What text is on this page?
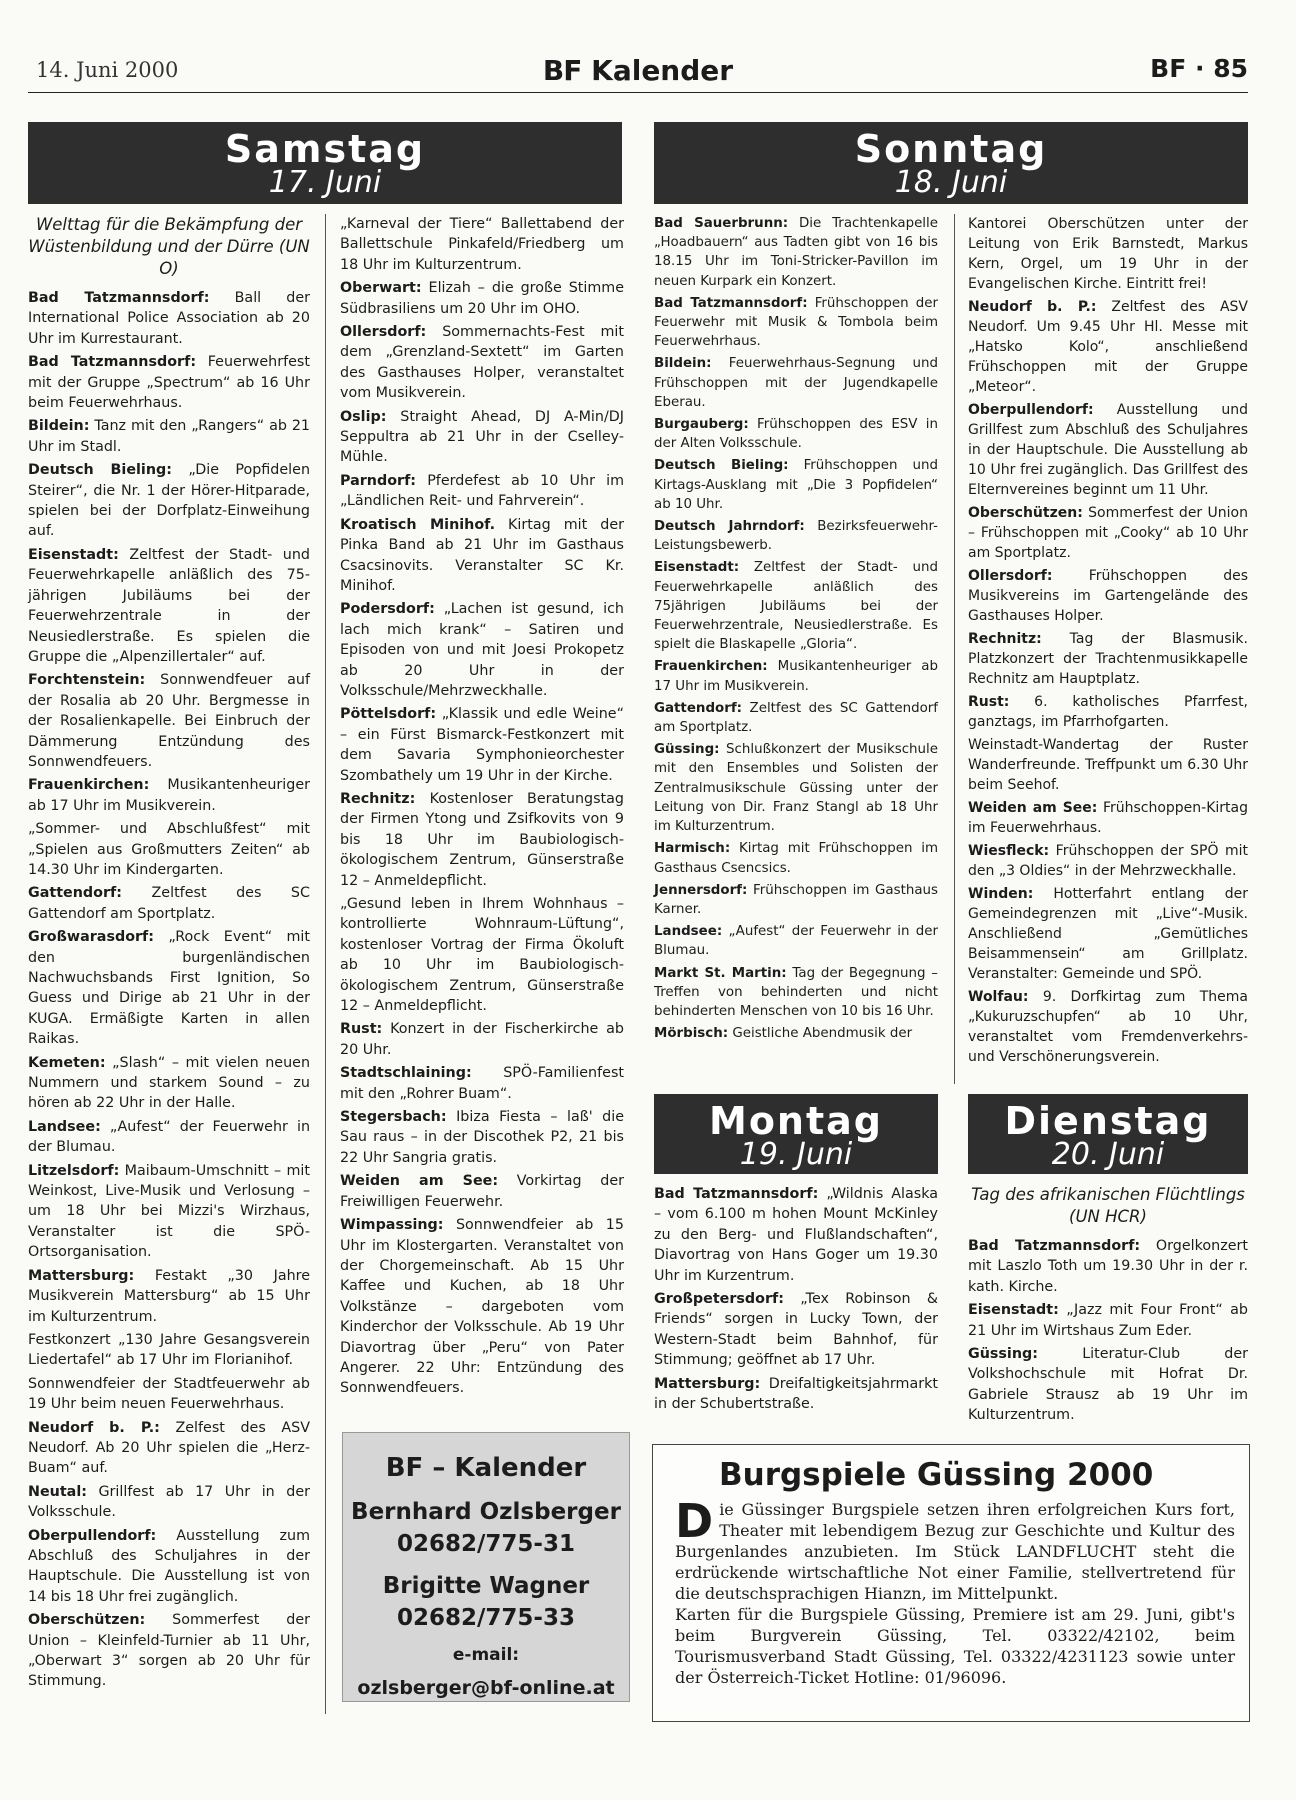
14. Juni 2000	BF Kalender	BF · 85
Samstag
17. Juni
Sonntag
18. Juni
Welttag für die Bekämpfung der Wüstenbildung und der Dürre (UN O)

Bad Tatzmannsdorf: Ball der International Police Association ab 20 Uhr im Kurrestaurant.

Bad Tatzmannsdorf: Feuerwehrfest mit der Gruppe „Spectrum“ ab 16 Uhr beim Feuerwehrhaus.

Bildein: Tanz mit den „Rangers“ ab 21 Uhr im Stadl.

Deutsch Bieling: „Die Popfidelen Steirer“, die Nr. 1 der Hörer-Hitparade, spielen bei der Dorfplatz-Einweihung auf.

Eisenstadt: Zeltfest der Stadt- und Feuerwehrkapelle anläßlich des 75-jährigen Jubiläums bei der Feuerwehrzentrale in der Neusiedlerstraße. Es spielen die Gruppe die „Alpenzillertaler“ auf.

Forchtenstein: Sonnwendfeuer auf der Rosalia ab 20 Uhr. Bergmesse in der Rosalienkapelle. Bei Einbruch der Dämmerung Entzündung des Sonnwendfeuers.

Frauenkirchen: Musikantenheuriger ab 17 Uhr im Musikverein.

„Sommer- und Abschlußfest“ mit „Spielen aus Großmutters Zeiten“ ab 14.30 Uhr im Kindergarten.

Gattendorf: Zeltfest des SC Gattendorf am Sportplatz.

Großwarasdorf: „Rock Event“ mit den burgenländischen Nachwuchsbands First Ignition, So Guess und Dirige ab 21 Uhr in der KUGA. Ermäßigte Karten in allen Raikas.

Kemeten: „Slash“ – mit vielen neuen Nummern und starkem Sound – zu hören ab 22 Uhr in der Halle.

Landsee: „Aufest“ der Feuerwehr in der Blumau.

Litzelsdorf: Maibaum-Umschnitt – mit Weinkost, Live-Musik und Verlosung – um 18 Uhr bei Mizzi's Wirzhaus, Veranstalter ist die SPÖ-Ortsorganisation.

Mattersburg: Festakt „30 Jahre Musikverein Mattersburg“ ab 15 Uhr im Kulturzentrum.

Festkonzert „130 Jahre Gesangsverein Liedertafel“ ab 17 Uhr im Florianihof.

Sonnwendfeier der Stadtfeuerwehr ab 19 Uhr beim neuen Feuerwehrhaus.

Neudorf b. P.: Zelfest des ASV Neudorf. Ab 20 Uhr spielen die „Herz-Buam“ auf.

Neutal: Grillfest ab 17 Uhr in der Volksschule.

Oberpullendorf: Ausstellung zum Abschluß des Schuljahres in der Hauptschule. Die Ausstellung ist von 14 bis 18 Uhr frei zugänglich.

Oberschützen: Sommerfest der Union – Kleinfeld-Turnier ab 11 Uhr, „Oberwart 3“ sorgen ab 20 Uhr für Stimmung.

„Karneval der Tiere“ Ballettabend der Ballettschule Pinkafeld/Friedberg um 18 Uhr im Kulturzentrum.

Oberwart: Elizah – die große Stimme Südbrasiliens um 20 Uhr im OHO.

Ollersdorf: Sommernachts-Fest mit dem „Grenzland-Sextett“ im Garten des Gasthauses Holper, veranstaltet vom Musikverein.

Oslip: Straight Ahead, DJ A-Min/DJ Seppultra ab 21 Uhr in der Cselley-Mühle.

Parndorf: Pferdefest ab 10 Uhr im „Ländlichen Reit- und Fahrverein“.

Kroatisch Minihof. Kirtag mit der Pinka Band ab 21 Uhr im Gasthaus Csacsinovits. Veranstalter SC Kr. Minihof.

Podersdorf: „Lachen ist gesund, ich lach mich krank“ – Satiren und Episoden von und mit Joesi Prokopetz ab 20 Uhr in der Volksschule/Mehrzweckhalle.

Pöttelsdorf: „Klassik und edle Weine“ – ein Fürst Bismarck-Festkonzert mit dem Savaria Symphonieorchester Szombathely um 19 Uhr in der Kirche.

Rechnitz: Kostenloser Beratungstag der Firmen Ytong und Zsifkovits von 9 bis 18 Uhr im Baubiologisch-ökologischem Zentrum, Günserstraße 12 – Anmeldepflicht.

„Gesund leben in Ihrem Wohnhaus – kontrollierte Wohnraum-Lüftung“, kostenloser Vortrag der Firma Ökoluft ab 10 Uhr im Baubiologisch-ökologischem Zentrum, Günserstraße 12 – Anmeldepflicht.

Rust: Konzert in der Fischerkirche ab 20 Uhr.

Stadtschlaining: SPÖ-Familienfest mit den „Rohrer Buam“.

Stegersbach: Ibiza Fiesta – laß' die Sau raus – in der Discothek P2, 21 bis 22 Uhr Sangria gratis.

Weiden am See: Vorkirtag der Freiwilligen Feuerwehr.

Wimpassing: Sonnwendfeier ab 15 Uhr im Klostergarten. Veranstaltet von der Chorgemeinschaft. Ab 15 Uhr Kaffee und Kuchen, ab 18 Uhr Volkstänze – dargeboten vom Kinderchor der Volksschule. Ab 19 Uhr Diavortrag über „Peru“ von Pater Angerer. 22 Uhr: Entzündung des Sonnwendfeuers.

BF – Kalender
Bernhard Ozlsberger
02682/775-31
Brigitte Wagner
02682/775-33
e-mail:
ozlsberger@bf-online.at

Bad Sauerbrunn: Die Trachtenkapelle „Hoadbauern“ aus Tadten gibt von 16 bis 18.15 Uhr im Toni-Stricker-Pavillon im neuen Kurpark ein Konzert.

Bad Tatzmannsdorf: Frühschoppen der Feuerwehr mit Musik & Tombola beim Feuerwehrhaus.

Bildein: Feuerwehrhaus-Segnung und Frühschoppen mit der Jugendkapelle Eberau.

Burgauberg: Frühschoppen des ESV in der Alten Volksschule.

Deutsch Bieling: Frühschoppen und Kirtags-Ausklang mit „Die 3 Popfidelen“ ab 10 Uhr.

Deutsch Jahrndorf: Bezirksfeuerwehr-Leistungsbewerb.

Eisenstadt: Zeltfest der Stadt- und Feuerwehrkapelle anläßlich des 75jährigen Jubiläums bei der Feuerwehrzentrale, Neusiedlerstraße. Es spielt die Blaskapelle „Gloria“.

Frauenkirchen: Musikantenheuriger ab 17 Uhr im Musikverein.

Gattendorf: Zeltfest des SC Gattendorf am Sportplatz.

Güssing: Schlußkonzert der Musikschule mit den Ensembles und Solisten der Zentralmusikschule Güssing unter der Leitung von Dir. Franz Stangl ab 18 Uhr im Kulturzentrum.

Harmisch: Kirtag mit Frühschoppen im Gasthaus Csencsics.

Jennersdorf: Frühschoppen im Gasthaus Karner.

Landsee: „Aufest“ der Feuerwehr in der Blumau.

Markt St. Martin: Tag der Begegnung – Treffen von behinderten und nicht behinderten Menschen von 10 bis 16 Uhr.

Mörbisch: Geistliche Abendmusik der

Kantorei Oberschützen unter der Leitung von Erik Barnstedt, Markus Kern, Orgel, um 19 Uhr in der Evangelischen Kirche. Eintritt frei!

Neudorf b. P.: Zeltfest des ASV Neudorf. Um 9.45 Uhr Hl. Messe mit „Hatsko Kolo“, anschließend Frühschoppen mit der Gruppe „Meteor“.

Oberpullendorf: Ausstellung und Grillfest zum Abschluß des Schuljahres in der Hauptschule. Die Ausstellung ab 10 Uhr frei zugänglich. Das Grillfest des Elternvereines beginnt um 11 Uhr.

Oberschützen: Sommerfest der Union – Frühschoppen mit „Cooky“ ab 10 Uhr am Sportplatz.

Ollersdorf:	Frühschoppen des Musikvereins im Gartengelände des Gasthauses Holper.

Rechnitz: Tag der Blasmusik. Platzkonzert der Trachtenmusikkapelle Rechnitz am Hauptplatz.

Rust: 6. katholisches Pfarrfest, ganztags, im Pfarrhofgarten.

Weinstadt-Wandertag der Ruster Wanderfreunde. Treffpunkt um 6.30 Uhr beim Seehof.

Weiden am See: Frühschoppen-Kirtag im Feuerwehrhaus.

Wiesfleck: Frühschoppen der SPÖ mit den „3 Oldies“ in der Mehrzweckhalle.

Winden: Hotterfahrt entlang der Gemeindegrenzen mit „Live“-Musik. Anschließend „Gemütliches Beisammensein“ am Grillplatz. Veranstalter: Gemeinde und SPÖ.

Wolfau: 9. Dorfkirtag zum Thema „Kukuruzschupfen“ ab 10 Uhr, veranstaltet vom Fremdenverkehrs- und Verschönerungsverein.

Montag
19. Juni
Dienstag
20. Juni

Bad Tatzmannsdorf: „Wildnis Alaska – vom 6.100 m hohen Mount McKinley zu den Berg- und Flußlandschaften“, Diavortrag von Hans Goger um 19.30 Uhr im Kurzentrum.

Großpetersdorf: „Tex Robinson & Friends“ sorgen in Lucky Town, der Western-Stadt beim Bahnhof, für Stimmung; geöffnet ab 17 Uhr.

Mattersburg: Dreifaltigkeitsjahrmarkt in der Schubertstraße.

Tag des afrikanischen Flüchtlings (UN HCR)

Bad Tatzmannsdorf: Orgelkonzert mit Laszlo Toth um 19.30 Uhr in der r. kath. Kirche.

Eisenstadt: „Jazz mit Four Front“ ab 21 Uhr im Wirtshaus Zum Eder.

Güssing:	Literatur-Club der Volkshochschule mit Hofrat Dr. Gabriele Strausz ab 19 Uhr im Kulturzentrum.

Burgspiele Güssing 2000
D ie Güssinger Burgspiele setzen ihren erfolgreichen Kurs fort, Theater mit lebendigem Bezug zur Geschichte und Kultur des Burgenlandes anzubieten. Im Stück LANDFLUCHT steht die erdrückende wirtschaftliche Not einer Familie, stellvertretend für die deutschsprachigen Hianzn, im Mittelpunkt.
Karten für die Burgspiele Güssing, Premiere ist am 29. Juni, gibt's beim Burgverein Güssing, Tel. 03322/42102, beim Tourismusverband Stadt Güssing, Tel. 03322/4231123 sowie unter der Österreich-Ticket Hotline: 01/96096.
